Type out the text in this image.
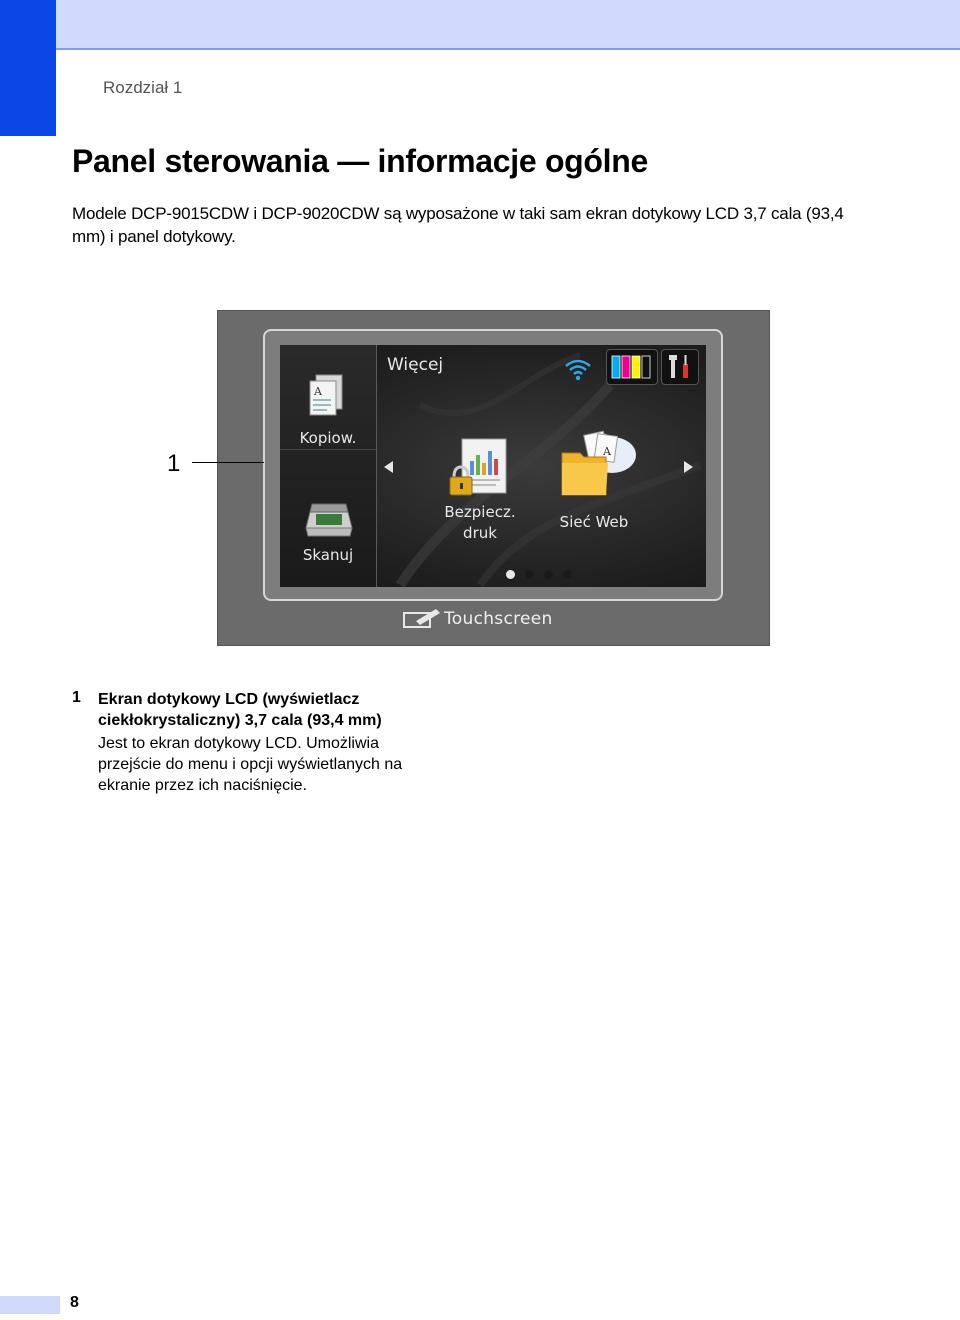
Rozdział 1
Panel sterowania — informacje ogólne

Modele DCP-9015CDW i DCP-9020CDW są wyposażone w taki sam ekran dotykowy LCD 3,7 cala (93,4 mm) i panel dotykowy.

A
Kopiow.
Skanuj
Więcej
Bezpiecz.
druk
A
Sieć Web
Touchscreen
1
1 Ekran dotykowy LCD (wyświetlacz ciekłokrystaliczny) 3,7 cala (93,4 mm)

Jest to ekran dotykowy LCD. Umożliwia przejście do menu i opcji wyświetlanych na ekranie przez ich naciśnięcie.

8
